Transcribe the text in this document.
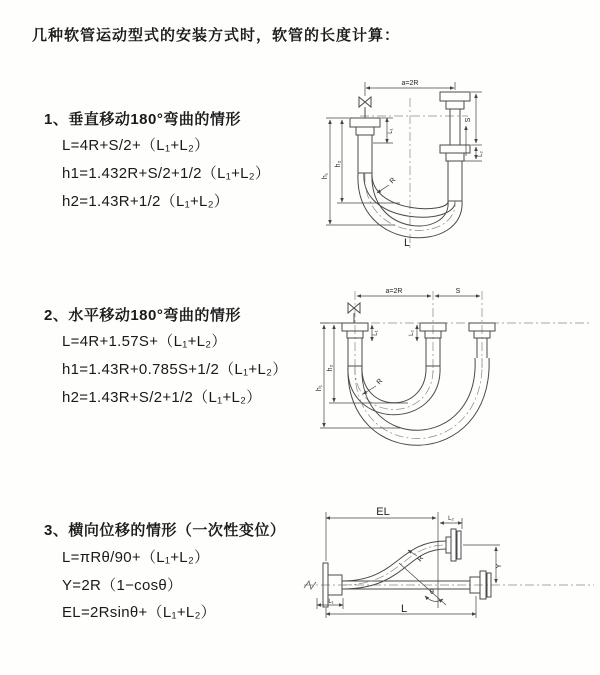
几种软管运动型式的安装方式时，软管的长度计算：
1、垂直移动180°弯曲的情形
L=4R+S/2+（L₁+L₂）
h1=1.432R+S/2+1/2（L₁+L₂）
h2=1.43R+1/2（L₁+L₂）
a=2R
h₂
h₁
L₁
S
L₂
R
L
2、水平移动180°弯曲的情形
L=4R+1.57S+（L₁+L₂）
h1=1.43R+0.785S+1/2（L₁+L₂）
h2=1.43R+S/2+1/2（L₁+L₂）
a=2R	S
h₂
h₁
L₁	L₂
R
3、横向位移的情形（一次性变位）
L=πRθ/90+（L₁+L₂）
Y=2R（1−cosθ）
EL=2Rsinθ+（L₁+L₂）
EL
L₂
Y
R
θ
L₁
L
